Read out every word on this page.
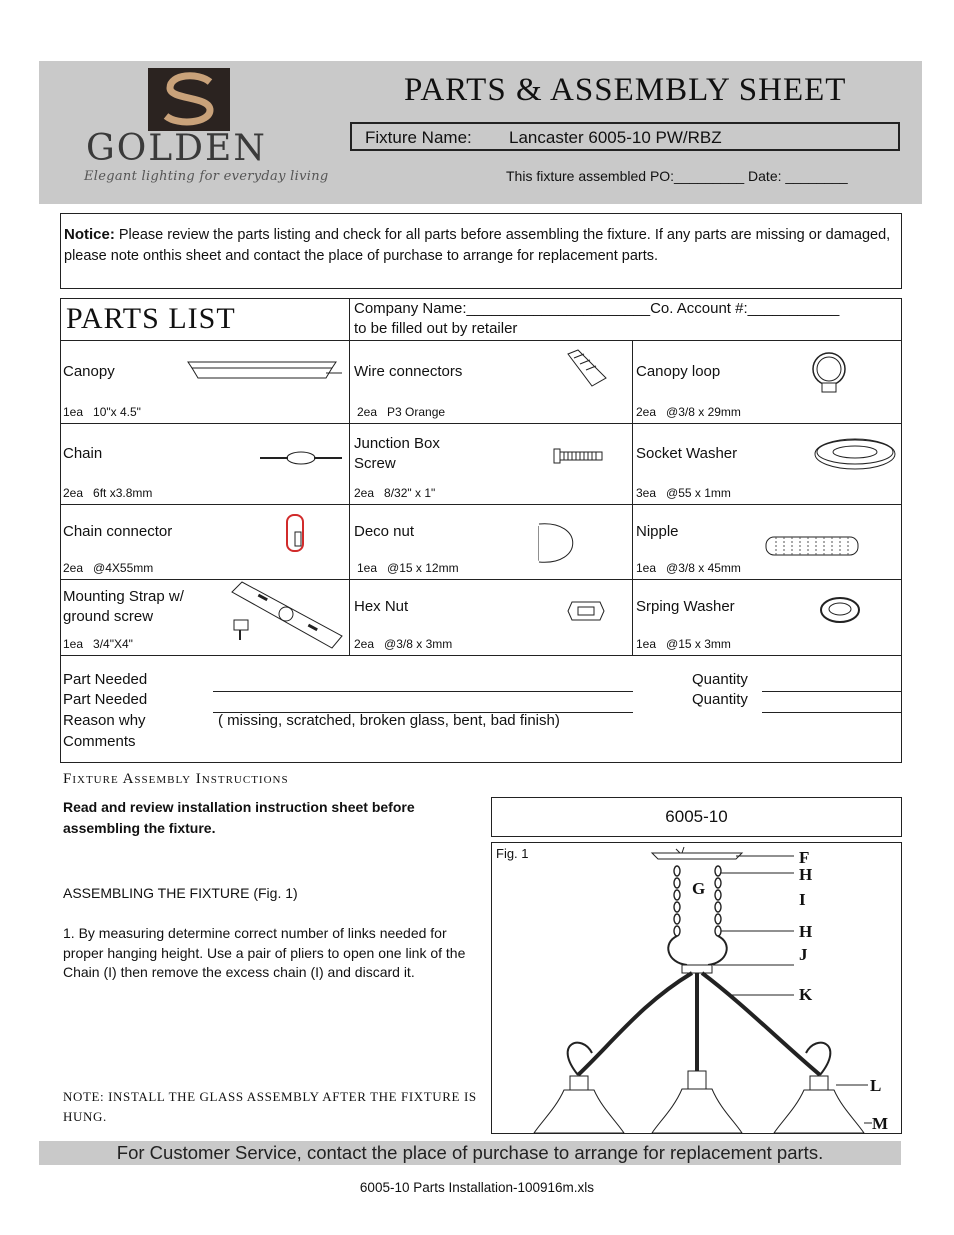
GOLDEN
Elegant lighting for everyday living
PARTS & ASSEMBLY SHEET
Fixture Name: Lancaster 6005-10 PW/RBZ
This fixture assembled PO:_________ Date: ________
Notice: Please review the parts listing and check for all parts before assembling the fixture. If any parts are missing or damaged, please note onthis sheet and contact the place of purchase to arrange for replacement parts.
PARTS LIST	Company Name:______________________Co. Account #:___________
to be filled out by retailer
Canopy
1ea 10"x 4.5"
Wire connectors
2ea P3 Orange
Canopy loop
2ea @3/8 x 29mm
Chain
2ea 6ft x3.8mm
Junction Box Screw
2ea 8/32" x 1"
Socket Washer
3ea @55 x 1mm
Chain connector
2ea @4X55mm
Deco nut
1ea @15 x 12mm
Nipple
1ea @3/8 x 45mm
Mounting Strap w/ ground screw
1ea 3/4"X4"
Hex Nut
2ea @3/8 x 3mm
Srping Washer
1ea @15 x 3mm
Part Needed
Part Needed
Reason why
Comments
( missing, scratched, broken glass, bent, bad finish)
Quantity
Quantity
Fixture Assembly Instructions
Read and review installation instruction sheet before assembling the fixture.
ASSEMBLING THE FIXTURE (Fig. 1)
1. By measuring determine correct number of links needed for proper hanging height. Use a pair of pliers to open one link of the Chain (I) then remove the excess chain (I) and discard it.
NOTE: INSTALL THE GLASS ASSEMBLY AFTER THE FIXTURE IS HUNG.
6005-10
Fig. 1	F
H
G
I
H
J
K
L
M
For Customer Service, contact the place of purchase to arrange for replacement parts.
6005-10 Parts Installation-100916m.xls
